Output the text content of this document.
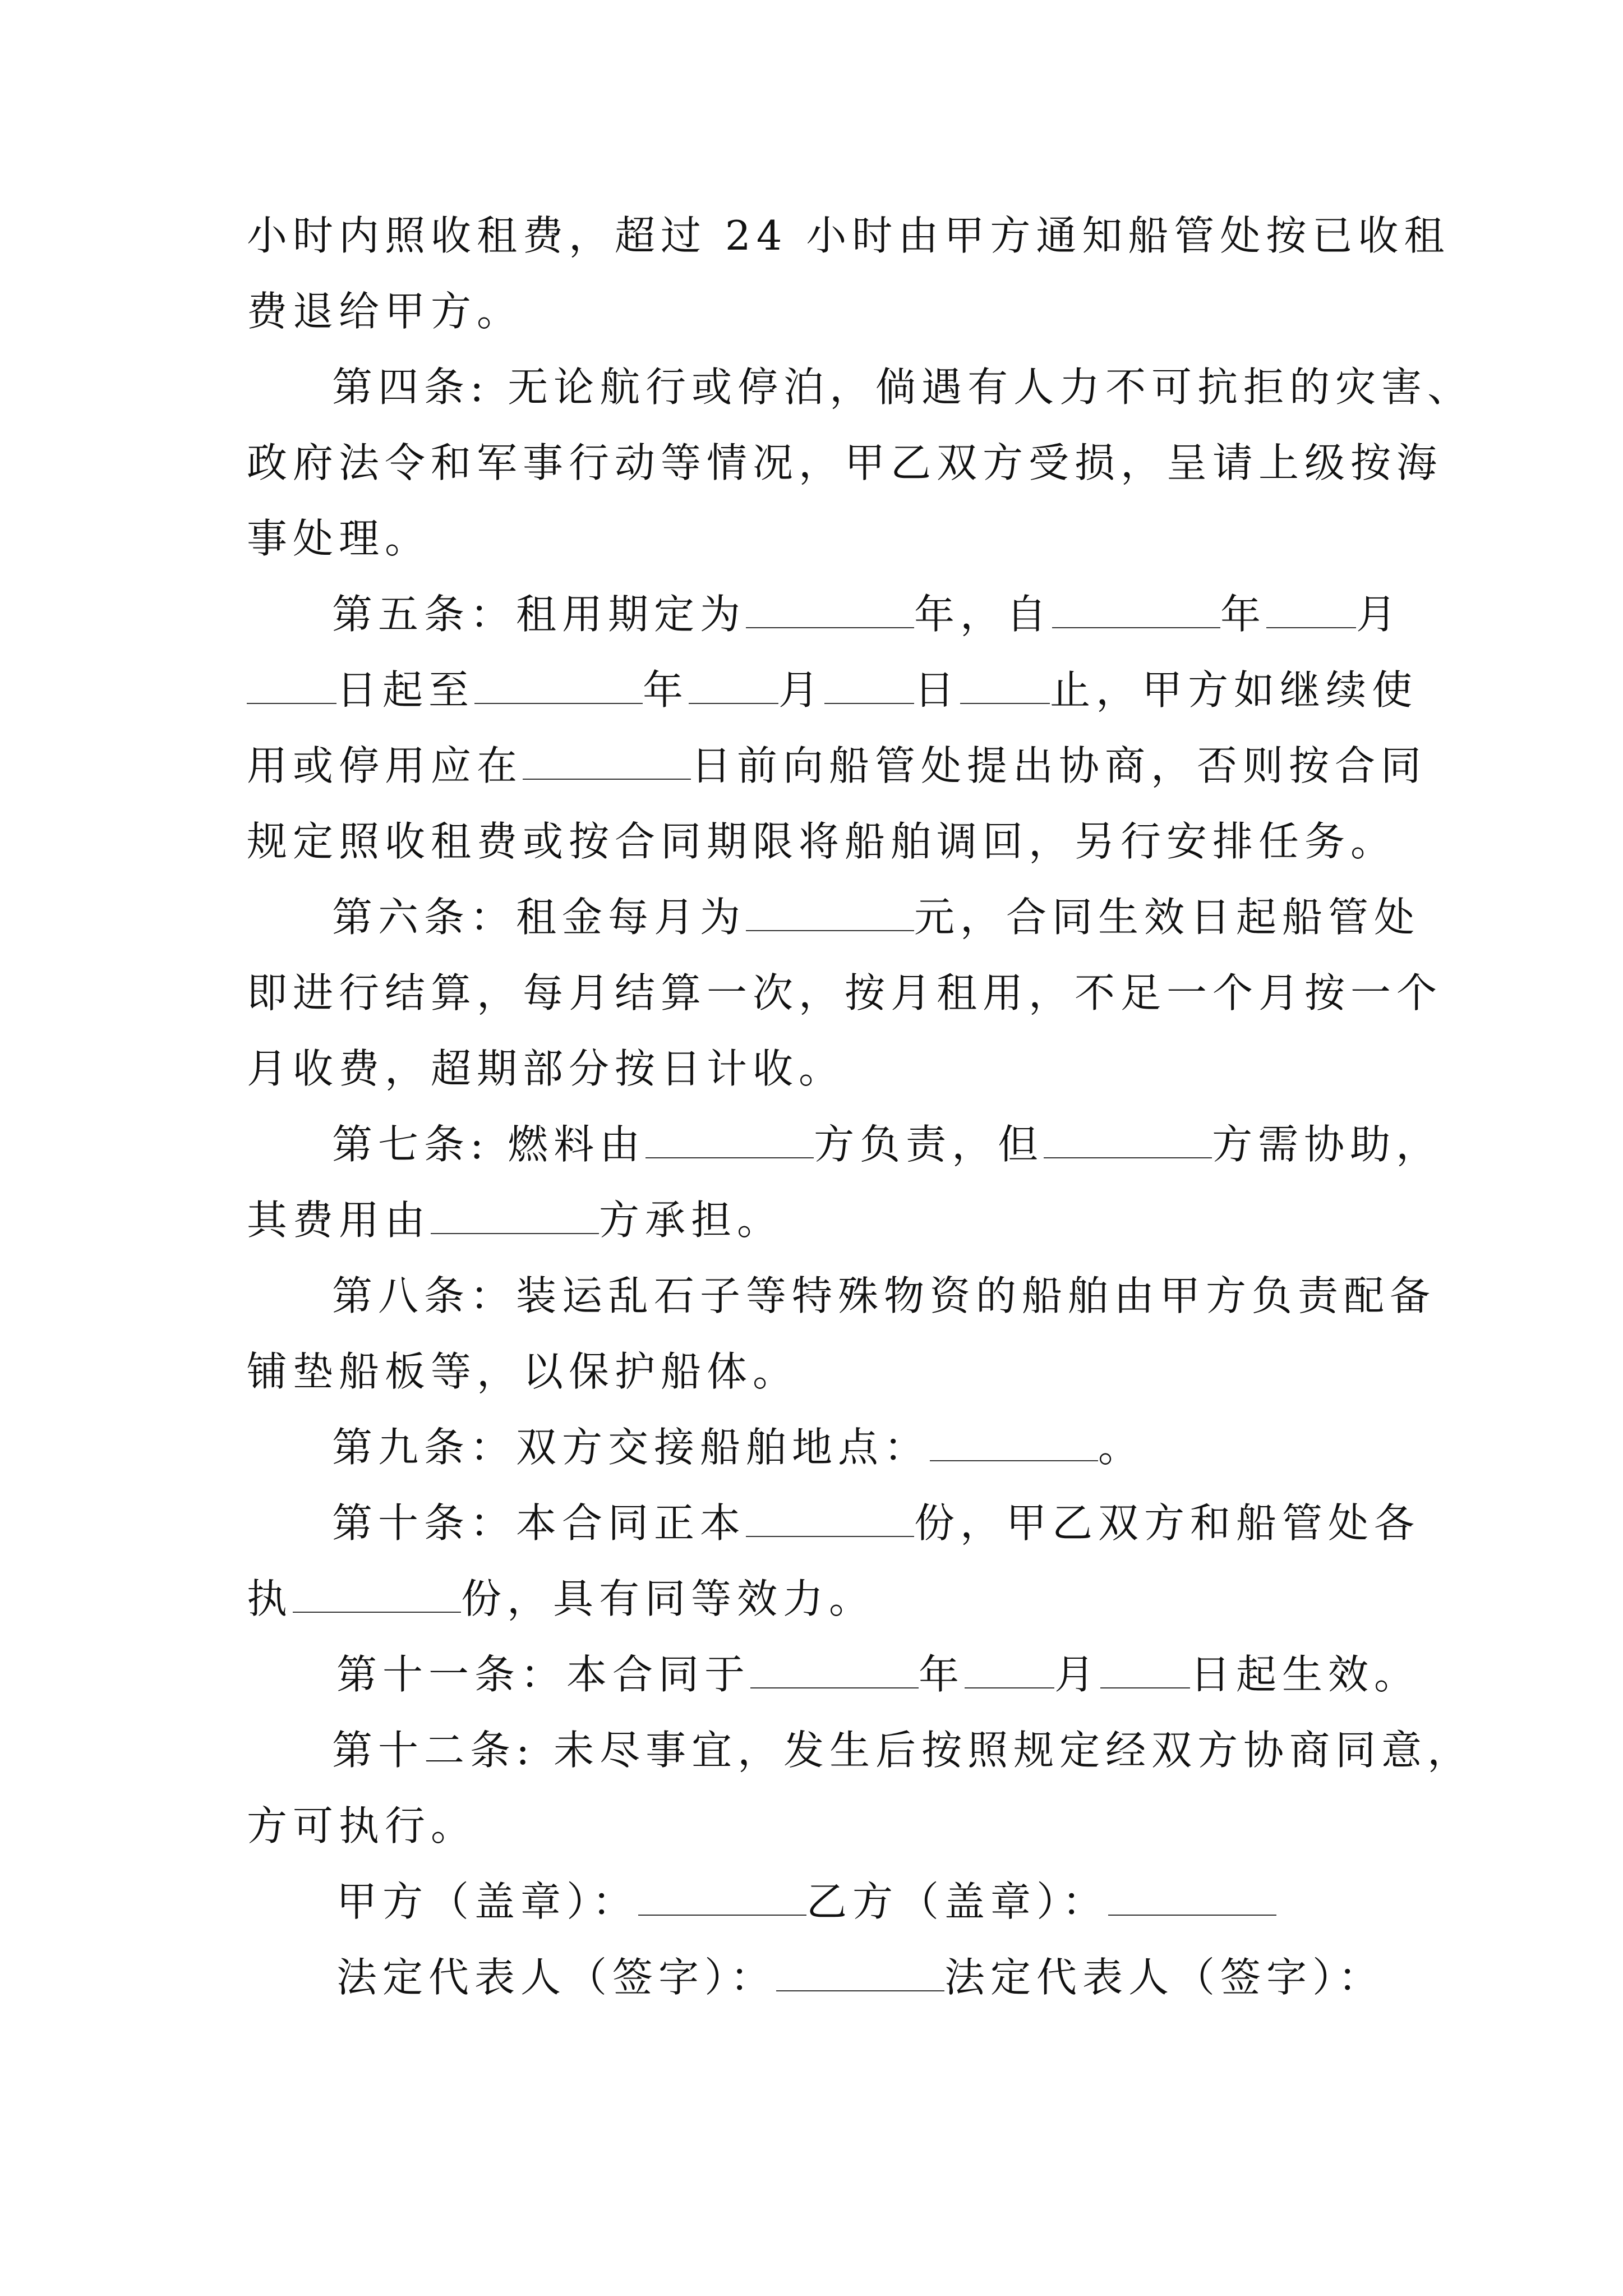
小时内照收租费，超过 24 小时由甲方通知船管处按已收租
费退给甲方。
第四条: 无论航行或停泊，倘遇有人力不可抗拒的灾害、
政府法令和军事行动等情况，甲乙双方受损，呈请上级按海
事处理。
第五条：租用期定为	年，自	年 月
日起至	年 月 日 止，甲方如继续使
用或停用应在	日前向船管处提出协商，否则按合同
规定照收租费或按合同期限将船舶调回，另行安排任务。
第六条：租金每月为	元，合同生效日起船管处
即进行结算，每月结算一次，按月租用，不足一个月按一个
月收费，超期部分按日计收。
第七条: 燃料由	方负责，但	方需协助，
其费用由	方承担。
第八条：装运乱石子等特殊物资的船舶由甲方负责配备
铺垫船板等，以保护船体。
第九条：双方交接船舶地点：	。
第十条：本合同正本	份，甲乙双方和船管处各
执	份，具有同等效力。
第十一条：本合同于	年 月 日起生效。
第十二条: 未尽事宜，发生后按照规定经双方协商同意，
方可执行。
甲方（盖章）：	乙方（盖章）：
法定代表人（签字）：	法定代表人（签字）：
